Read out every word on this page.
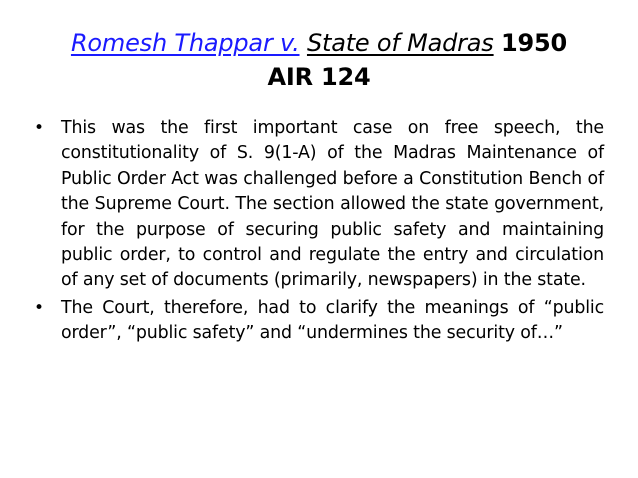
Romesh Thappar v. State of Madras 1950
AIR 124
• This was the first important case on free speech, the constitutionality of S. 9(1-A) of the Madras Maintenance of Public Order Act was challenged before a Constitution Bench of the Supreme Court. The section allowed the state government, for the purpose of securing public safety and maintaining public order, to control and regulate the entry and circulation of any set of documents (primarily, newspapers) in the state.
• The Court, therefore, had to clarify the meanings of “public order”, “public safety” and “undermines the security of…”
